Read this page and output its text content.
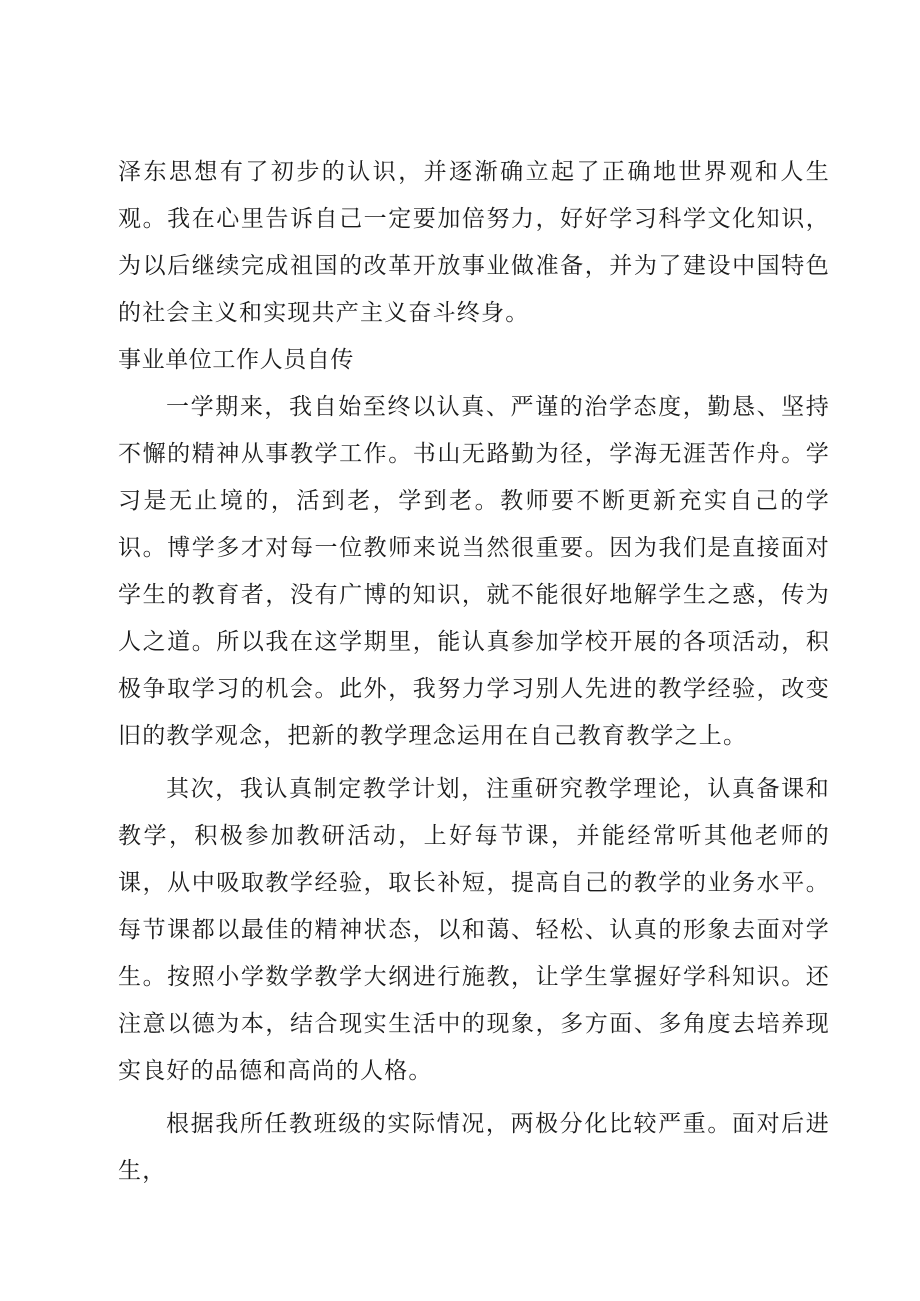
泽东思想有了初步的认识，并逐渐确立起了正确地世界观和人生观。我在心里告诉自己一定要加倍努力，好好学习科学文化知识，为以后继续完成祖国的改革开放事业做准备，并为了建设中国特色的社会主义和实现共产主义奋斗终身。

事业单位工作人员自传

一学期来，我自始至终以认真、严谨的治学态度，勤恳、坚持不懈的精神从事教学工作。书山无路勤为径，学海无涯苦作舟。学习是无止境的，活到老，学到老。教师要不断更新充实自己的学识。博学多才对每一位教师来说当然很重要。因为我们是直接面对学生的教育者，没有广博的知识，就不能很好地解学生之惑，传为人之道。所以我在这学期里，能认真参加学校开展的各项活动，积极争取学习的机会。此外，我努力学习别人先进的教学经验，改变旧的教学观念，把新的教学理念运用在自己教育教学之上。

其次，我认真制定教学计划，注重研究教学理论，认真备课和教学，积极参加教研活动，上好每节课，并能经常听其他老师的课，从中吸取教学经验，取长补短，提高自己的教学的业务水平。每节课都以最佳的精神状态，以和蔼、轻松、认真的形象去面对学生。按照小学数学教学大纲进行施教，让学生掌握好学科知识。还注意以德为本，结合现实生活中的现象，多方面、多角度去培养现实良好的品德和高尚的人格。

根据我所任教班级的实际情况，两极分化比较严重。面对后进生，
